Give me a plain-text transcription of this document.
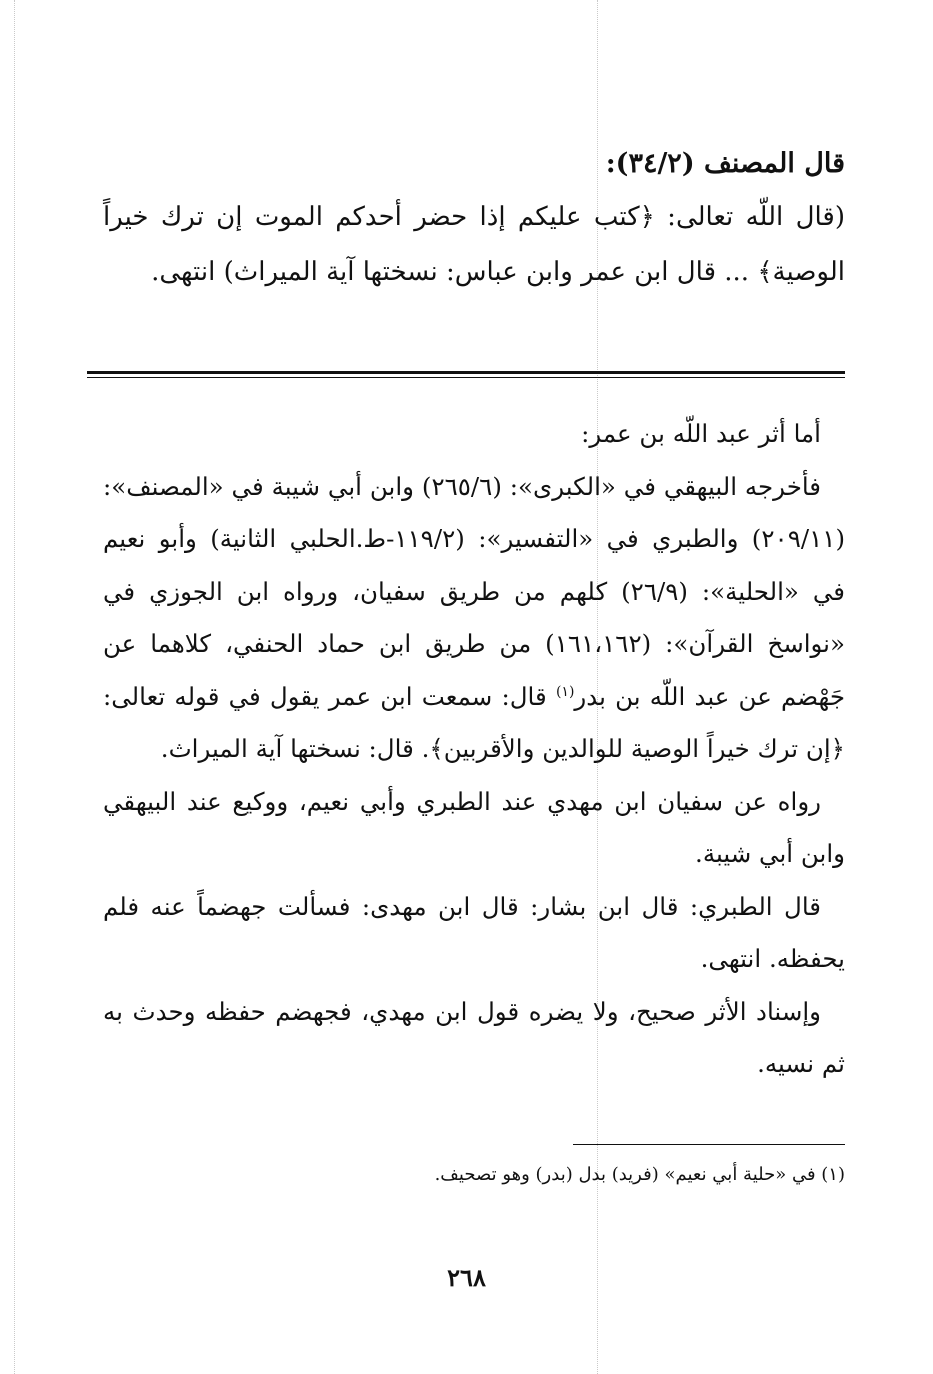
قال المصنف (٣٤/٢):
(قال اللّه تعالى: ﴿كتب عليكم إذا حضر أحدكم الموت إن ترك خيراً الوصية﴾ ... قال ابن عمر وابن عباس: نسختها آية الميراث) انتهى.

أما أثر عبد اللّه بن عمر:

فأخرجه البيهقي في «الكبرى»: (٢٦٥/٦) وابن أبي شيبة في «المصنف»: (٢٠٩/١١) والطبري في «التفسير»: (١١٩/٢-ط.الحلبي الثانية) وأبو نعيم في «الحلية»: (٢٦/٩) كلهم من طريق سفيان، ورواه ابن الجوزي في «نواسخ القرآن»: (١٦١،١٦٢) من طريق ابن حماد الحنفي، كلاهما عن جَهْضم عن عبد اللّه بن بدر$^{(١)}$ قال: سمعت ابن عمر يقول في قوله تعالى: ﴿إن ترك خيراً الوصية للوالدين والأقربين﴾. قال: نسختها آية الميراث.

رواه عن سفيان ابن مهدي عند الطبري وأبي نعيم، ووكيع عند البيهقي وابن أبي شيبة.

قال الطبري: قال ابن بشار: قال ابن مهدى: فسألت جهضماً عنه فلم يحفظه. انتهى.

وإسناد الأثر صحيح، ولا يضره قول ابن مهدي، فجهضم حفظه وحدث به ثم نسيه.

(١) في «حلية أبي نعيم» (فريد) بدل (بدر) وهو تصحيف.
٢٦٨
